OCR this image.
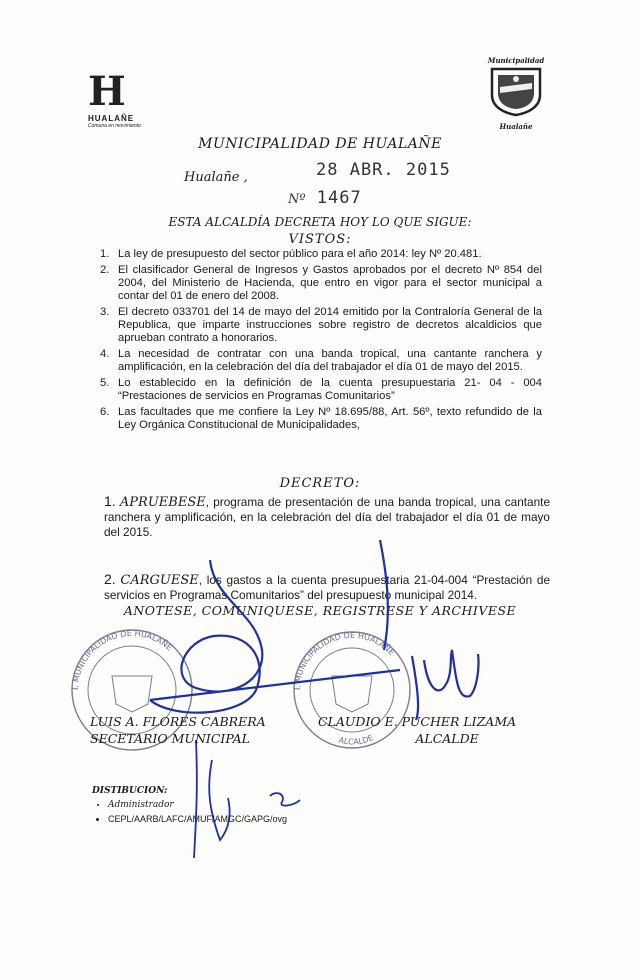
H
HUALAÑE
Comuna en movimiento
Municipalidad
Hualañe
MUNICIPALIDAD DE HUALAÑE
Hualañe ,	28 ABR. 2015
Nº 1467
ESTA ALCALDÍA DECRETA HOY LO QUE SIGUE:
VISTOS:
1. La ley de presupuesto del sector público para el año 2014: ley Nº 20.481.
2. El clasificador General de Ingresos y Gastos aprobados por el decreto Nº 854 del 2004, del Ministerio de Hacienda, que entro en vigor para el sector municipal a contar del 01 de enero del 2008.
3. El decreto 033701 del 14 de mayo del 2014 emitido por la Contraloría General de la Republica, que imparte instrucciones sobre registro de decretos alcaldicios que aprueban contrato a honorarios.
4. La necesidad de contratar con una banda tropical, una cantante ranchera y amplificación, en la celebración del día del trabajador el día 01 de mayo del 2015.
5. Lo establecido en la definición de la cuenta presupuestaria 21- 04 - 004 “Prestaciones de servicios en Programas Comunitarios”
6. Las facultades que me confiere la Ley Nº 18.695/88, Art. 56º, texto refundido de la Ley Orgánica Constitucional de Municipalidades,
DECRETO:
1. APRUEBESE, programa de presentación de una banda tropical, una cantante ranchera y amplificación, en la celebración del día del trabajador el día 01 de mayo del 2015.
2. CARGUESE, los gastos a la cuenta presupuestaria 21-04-004 “Prestación de servicios en Programas Comunitarios” del presupuesto municipal 2014.
ANOTESE, COMUNIQUESE, REGISTRESE Y ARCHIVESE
I. MUNICIPALIDAD DE HUALAÑE
I. MUNICIPALIDAD DE HUALAÑE
ALCALDE
LUIS A. FLORES CABRERA
SECETARIO MUNICIPAL
CLAUDIO E. PUCHER LIZAMA
ALCALDE
DISTIBUCION:
• Administrador
• CEPL/AARB/LAFC/AMUF/AMGC/GAPG/ovg
